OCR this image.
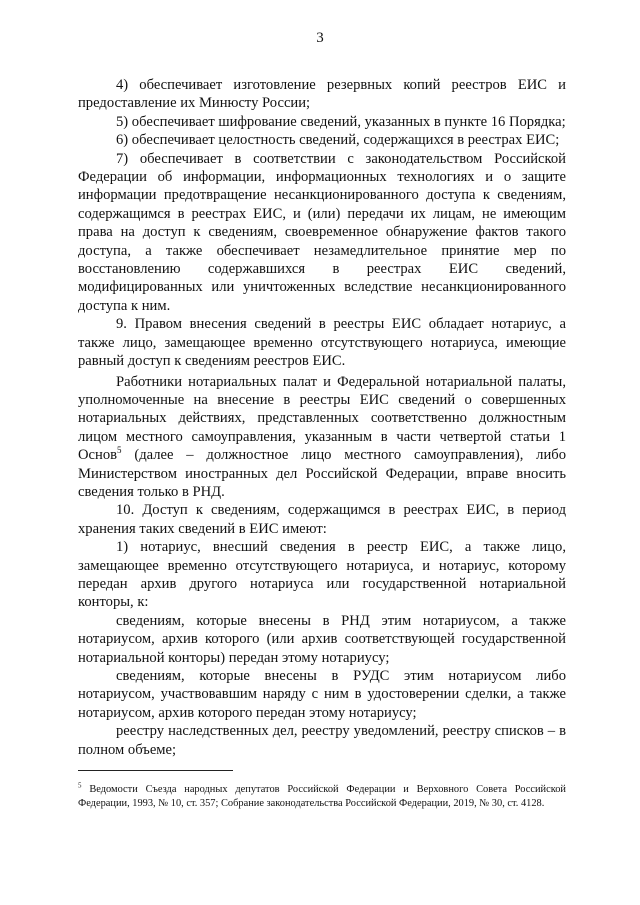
3

4) обеспечивает изготовление резервных копий реестров ЕИС и предоставление их Минюсту России;

5) обеспечивает шифрование сведений, указанных в пункте 16 Порядка;

6) обеспечивает целостность сведений, содержащихся в реестрах ЕИС;

7) обеспечивает в соответствии с законодательством Российской Федерации об информации, информационных технологиях и о защите информации предотвращение несанкционированного доступа к сведениям, содержащимся в реестрах ЕИС, и (или) передачи их лицам, не имеющим права на доступ к сведениям, своевременное обнаружение фактов такого доступа, а также обеспечивает незамедлительное принятие мер по восстановлению содержавшихся в реестрах ЕИС сведений, модифицированных или уничтоженных вследствие несанкционированного доступа к ним.

9. Правом внесения сведений в реестры ЕИС обладает нотариус, а также лицо, замещающее временно отсутствующего нотариуса, имеющие равный доступ к сведениям реестров ЕИС.

Работники нотариальных палат и Федеральной нотариальной палаты, уполномоченные на внесение в реестры ЕИС сведений о совершенных нотариальных действиях, представленных соответственно должностным лицом местного самоуправления, указанным в части четвертой статьи 1 Основ$^5$ (далее – должностное лицо местного самоуправления), либо Министерством иностранных дел Российской Федерации, вправе вносить сведения только в РНД.

10. Доступ к сведениям, содержащимся в реестрах ЕИС, в период хранения таких сведений в ЕИС имеют:

1) нотариус, внесший сведения в реестр ЕИС, а также лицо, замещающее временно отсутствующего нотариуса, и нотариус, которому передан архив другого нотариуса или государственной нотариальной конторы, к:

сведениям, которые внесены в РНД этим нотариусом, а также нотариусом, архив которого (или архив соответствующей государственной нотариальной конторы) передан этому нотариусу;

сведениям, которые внесены в РУДС этим нотариусом либо нотариусом, участвовавшим наряду с ним в удостоверении сделки, а также нотариусом, архив которого передан этому нотариусу;

реестру наследственных дел, реестру уведомлений, реестру списков – в полном объеме;

$^5$ Ведомости Съезда народных депутатов Российской Федерации и Верховного Совета Российской Федерации, 1993, № 10, ст. 357; Собрание законодательства Российской Федерации, 2019, № 30, ст. 4128.
